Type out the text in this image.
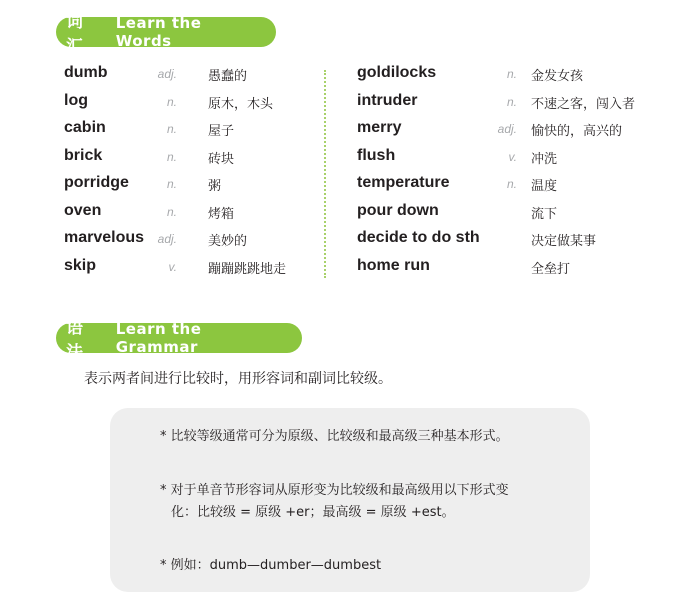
词汇
Learn the Words
dumb	adj. 愚蠢的
log	n. 原木，木头
cabin	n. 屋子
brick	n. 砖块
porridge	n. 粥
oven	n. 烤箱
marvelous adj. 美妙的
skip	v. 蹦蹦跳跳地走
goldilocks	n. 金发女孩
intruder	n. 不速之客，闯入者
merry	adj. 愉快的，高兴的
flush	v. 冲洗
temperature	n. 温度
pour down	流下
decide to do sth	决定做某事
home run	全垒打
语法
Learn the Grammar
表示两者间进行比较时，用形容词和副词比较级。
* 比较等级通常可分为原级、比较级和最高级三种基本形式。
* 对于单音节形容词从原形变为比较级和最高级用以下形式变
化：比较级 = 原级 +er；最高级 = 原级 +est。
* 例如：dumb—dumber—dumbest
